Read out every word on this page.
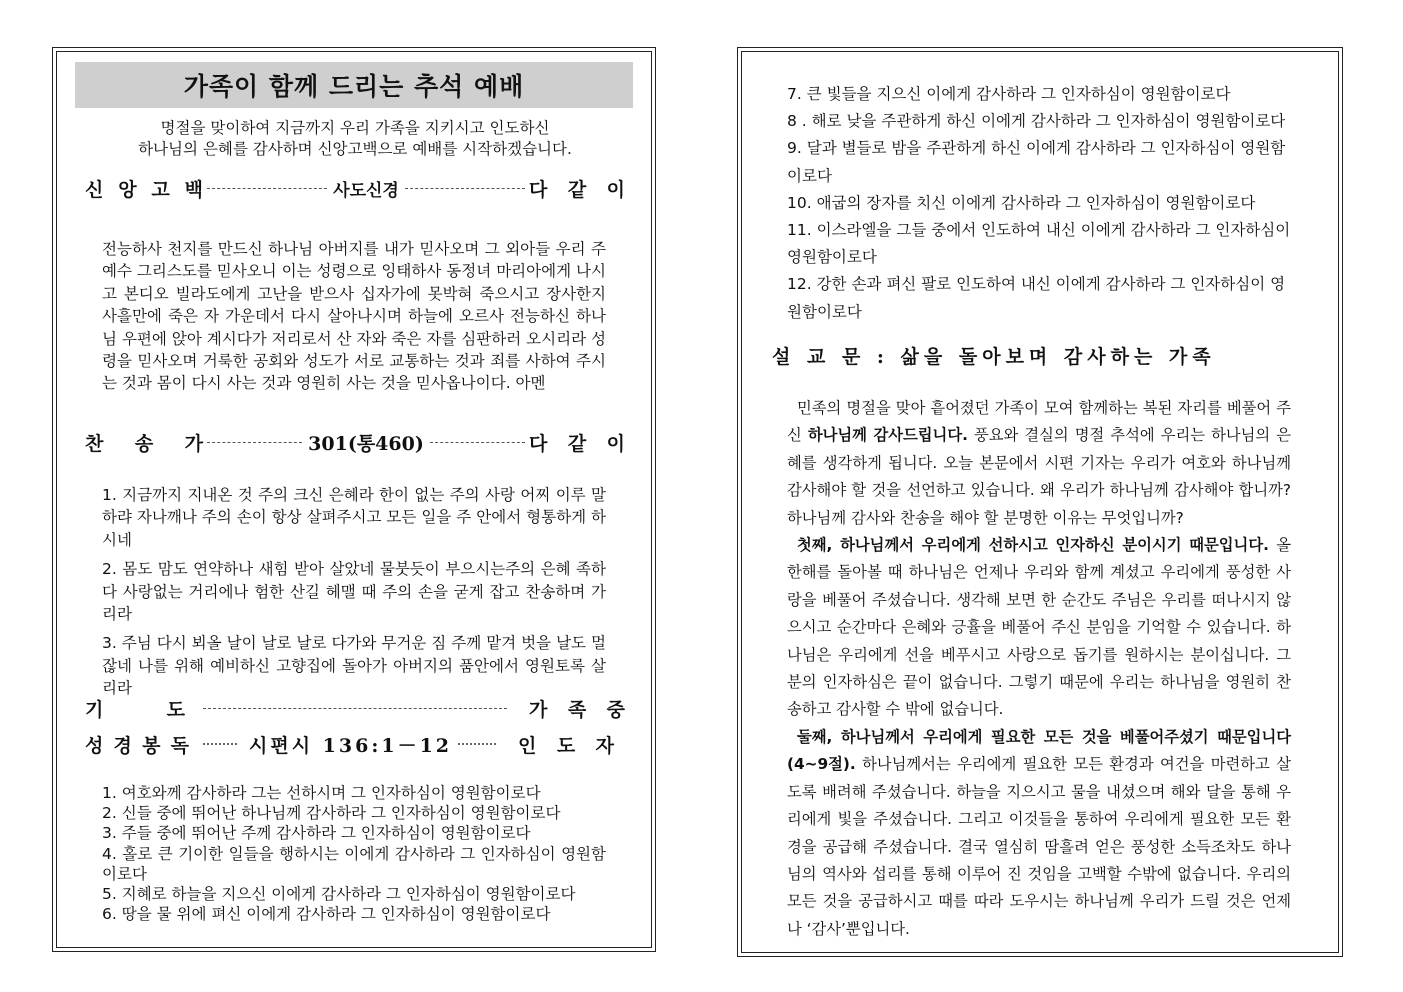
가족이 함께 드리는 추석 예배
명절을 맞이하여 지금까지 우리 가족을 지키시고 인도하신
하나님의 은혜를 감사하며 신앙고백으로 예배를 시작하겠습니다.
신 앙 고 백	사도신경	다 같 이
전능하사 천지를 만드신 하나님 아버지를 내가 믿사오며 그 외아들 우리 주 예수 그리스도를 믿사오니 이는 성령으로 잉태하사 동정녀 마리아에게 나시고 본디오 빌라도에게 고난을 받으사 십자가에 못박혀 죽으시고 장사한지 사흘만에 죽은 자 가운데서 다시 살아나시며 하늘에 오르사 전능하신 하나님 우편에 앉아 계시다가 저리로서 산 자와 죽은 자를 심판하러 오시리라 성령을 믿사오며 거룩한 공회와 성도가 서로 교통하는 것과 죄를 사하여 주시는 것과 몸이 다시 사는 것과 영원히 사는 것을 믿사옵나이다. 아멘
찬 송 가	301(통460)	다 같 이
1. 지금까지 지내온 것 주의 크신 은혜라 한이 없는 주의 사랑 어찌 이루 말하랴 자나깨나 주의 손이 항상 살펴주시고 모든 일을 주 안에서 형통하게 하시네
2. 몸도 맘도 연약하나 새힘 받아 살았네 물붓듯이 부으시는주의 은혜 족하다 사랑없는 거리에나 험한 산길 헤맬 때 주의 손을 굳게 잡고 찬송하며 가리라
3. 주님 다시 뵈올 날이 날로 날로 다가와 무거운 짐 주께 맡겨 벗을 날도 멀잖네 나를 위해 예비하신 고향집에 돌아가 아버지의 품안에서 영원토록 살리라
기	도	가 족 중
성 경 봉 독	시편시 136:1－12	인 도 자
1. 여호와께 감사하라 그는 선하시며 그 인자하심이 영원함이로다
2. 신들 중에 뛰어난 하나님께 감사하라 그 인자하심이 영원함이로다
3. 주들 중에 뛰어난 주께 감사하라 그 인자하심이 영원함이로다
4. 홀로 큰 기이한 일들을 행하시는 이에게 감사하라 그 인자하심이 영원함이로다
5. 지혜로 하늘을 지으신 이에게 감사하라 그 인자하심이 영원함이로다
6. 땅을 물 위에 펴신 이에게 감사하라 그 인자하심이 영원함이로다
7. 큰 빛들을 지으신 이에게 감사하라 그 인자하심이 영원함이로다
8 . 해로 낮을 주관하게 하신 이에게 감사하라 그 인자하심이 영원함이로다
9. 달과 별들로 밤을 주관하게 하신 이에게 감사하라 그 인자하심이 영원함이로다
10. 애굽의 장자를 치신 이에게 감사하라 그 인자하심이 영원함이로다
11. 이스라엘을 그들 중에서 인도하여 내신 이에게 감사하라 그 인자하심이 영원함이로다
12. 강한 손과 펴신 팔로 인도하여 내신 이에게 감사하라 그 인자하심이 영원함이로다
설 교 문 : 삶을 돌아보며 감사하는 가족

민족의 명절을 맞아 흩어졌던 가족이 모여 함께하는 복된 자리를 베풀어 주신 하나님께 감사드립니다. 풍요와 결실의 명절 추석에 우리는 하나님의 은혜를 생각하게 됩니다. 오늘 본문에서 시편 기자는 우리가 여호와 하나님께 감사해야 할 것을 선언하고 있습니다. 왜 우리가 하나님께 감사해야 합니까? 하나님께 감사와 찬송을 해야 할 분명한 이유는 무엇입니까?

첫째, 하나님께서 우리에게 선하시고 인자하신 분이시기 때문입니다. 올 한해를 돌아볼 때 하나님은 언제나 우리와 함께 계셨고 우리에게 풍성한 사랑을 베풀어 주셨습니다. 생각해 보면 한 순간도 주님은 우리를 떠나시지 않으시고 순간마다 은혜와 긍휼을 베풀어 주신 분임을 기억할 수 있습니다. 하나님은 우리에게 선을 베푸시고 사랑으로 돕기를 원하시는 분이십니다. 그 분의 인자하심은 끝이 없습니다. 그렇기 때문에 우리는 하나님을 영원히 찬송하고 감사할 수 밖에 없습니다.

둘째, 하나님께서 우리에게 필요한 모든 것을 베풀어주셨기 때문입니다(4~9절). 하나님께서는 우리에게 필요한 모든 환경과 여건을 마련하고 살도록 배려해 주셨습니다. 하늘을 지으시고 물을 내셨으며 해와 달을 통해 우리에게 빛을 주셨습니다. 그리고 이것들을 통하여 우리에게 필요한 모든 환경을 공급해 주셨습니다. 결국 열심히 땀흘려 얻은 풍성한 소득조차도 하나님의 역사와 섭리를 통해 이루어 진 것임을 고백할 수밖에 없습니다. 우리의 모든 것을 공급하시고 때를 따라 도우시는 하나님께 우리가 드릴 것은 언제나 ‘감사’뿐입니다.
